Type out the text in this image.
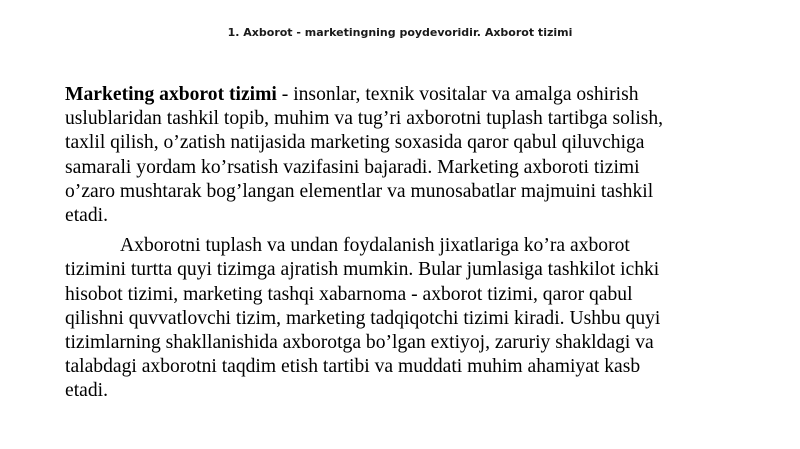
1. Axborot - marketingning poydevoridir. Axborot tizimi
Marketing axborot tizimi - insonlar, texnik vositalar va amalga oshirish
uslublaridan tashkil topib, muhim va tug’ri axborotni tuplash tartibga solish,
taxlil qilish, o’zatish natijasida marketing soxasida qaror qabul qiluvchiga
samarali yordam ko’rsatish vazifasini bajaradi. Marketing axboroti tizimi
o’zaro mushtarak bog’langan elementlar va munosabatlar majmuini tashkil
etadi.
Axborotni tuplash va undan foydalanish jixatlariga ko’ra axborot
tizimini turtta quyi tizimga ajratish mumkin. Bular jumlasiga tashkilot ichki
hisobot tizimi, marketing tashqi xabarnoma - axborot tizimi, qaror qabul
qilishni quvvatlovchi tizim, marketing tadqiqotchi tizimi kiradi. Ushbu quyi
tizimlarning shakllanishida axborotga bo’lgan extiyoj, zaruriy shakldagi va
talabdagi axborotni taqdim etish tartibi va muddati muhim ahamiyat kasb
etadi.
